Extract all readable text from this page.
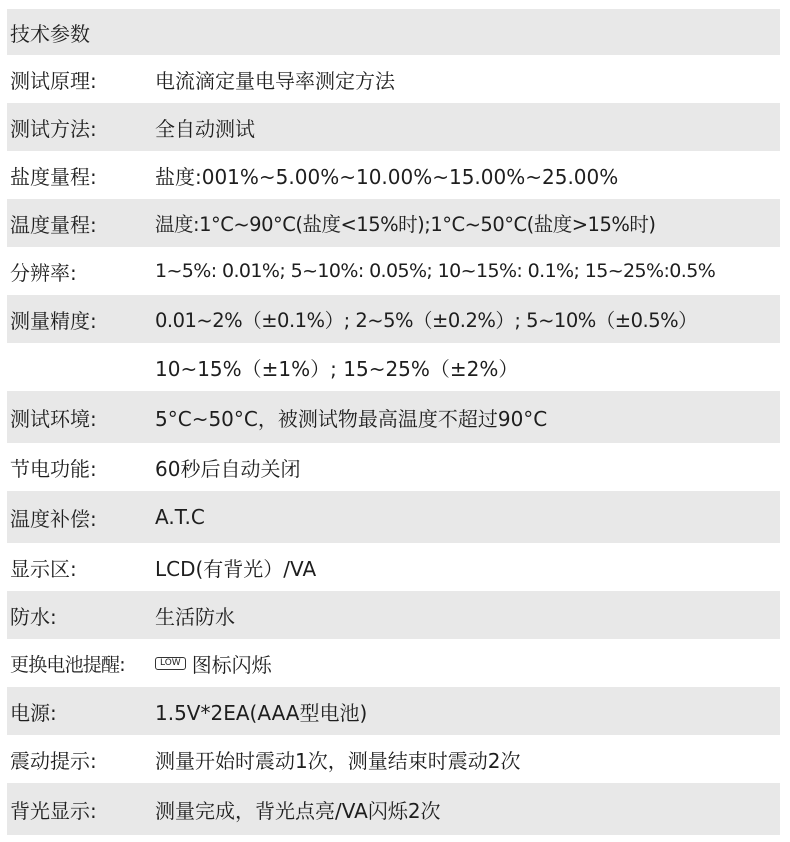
技术参数
测试原理:	电流滴定量电导率测定方法
测试方法:	全自动测试
盐度量程:	盐度:001%~5.00%~10.00%~15.00%~25.00%
温度量程:	温度:1°C~90°C(盐度<15%时);1°C~50°C(盐度>15%时)
分辨率:	1~5%: 0.01%; 5~10%: 0.05%; 10~15%: 0.1%; 15~25%:0.5%
测量精度:	0.01~2%（±0.1%）; 2~5%（±0.2%）; 5~10%（±0.5%）
10~15%（±1%）; 15~25%（±2%）
测试环境:	5°C~50°C，被测试物最高温度不超过90°C
节电功能:	60秒后自动关闭
温度补偿:	A.T.C
显示区:	LCD(有背光）/VA
防水:	生活防水
更换电池提醒:	LOW 图标闪烁
电源:	1.5V*2EA(AAA型电池)
震动提示:	测量开始时震动1次，测量结束时震动2次
背光显示:	测量完成，背光点亮/VA闪烁2次
